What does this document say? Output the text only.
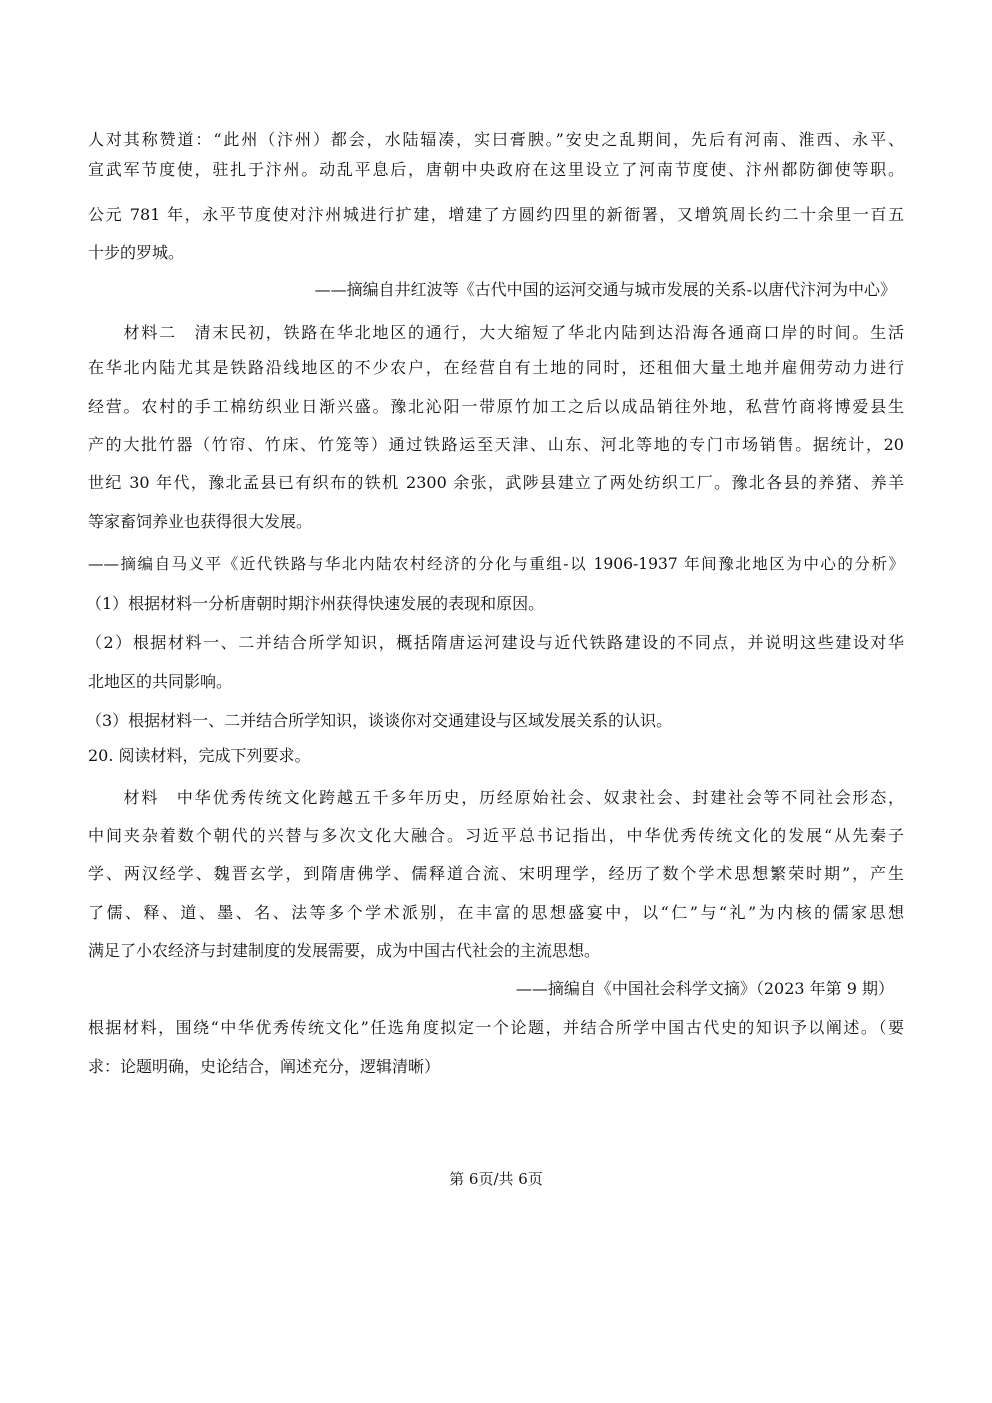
人对其称赞道：“此州（汴州）都会，水陆辐凑，实曰膏腴。”安史之乱期间，先后有河南、淮西、永平、
宣武军节度使，驻扎于汴州。动乱平息后，唐朝中央政府在这里设立了河南节度使、汴州都防御使等职。
公元 781 年，永平节度使对汴州城进行扩建，增建了方圆约四里的新衙署，又增筑周长约二十余里一百五
十步的罗城。
——摘编自井红波等《古代中国的运河交通与城市发展的关系-以唐代汴河为中心》
　　材料二　清末民初，铁路在华北地区的通行，大大缩短了华北内陆到达沿海各通商口岸的时间。生活
在华北内陆尤其是铁路沿线地区的不少农户，在经营自有土地的同时，还租佃大量土地并雇佣劳动力进行
经营。农村的手工棉纺织业日渐兴盛。豫北沁阳一带原竹加工之后以成品销往外地，私营竹商将博爱县生
产的大批竹器（竹帘、竹床、竹笼等）通过铁路运至天津、山东、河北等地的专门市场销售。据统计，20
世纪 30 年代，豫北孟县已有织布的铁机 2300 余张，武陟县建立了两处纺织工厂。豫北各县的养猪、养羊
等家畜饲养业也获得很大发展。
——摘编自马义平《近代铁路与华北内陆农村经济的分化与重组-以 1906-1937 年间豫北地区为中心的分析》
（1）根据材料一分析唐朝时期汴州获得快速发展的表现和原因。
（2）根据材料一、二并结合所学知识，概括隋唐运河建设与近代铁路建设的不同点，并说明这些建设对华
北地区的共同影响。
（3）根据材料一、二并结合所学知识，谈谈你对交通建设与区域发展关系的认识。
20. 阅读材料，完成下列要求。
　　材料　中华优秀传统文化跨越五千多年历史，历经原始社会、奴隶社会、封建社会等不同社会形态，
中间夹杂着数个朝代的兴替与多次文化大融合。习近平总书记指出，中华优秀传统文化的发展“从先秦子
学、两汉经学、魏晋玄学，到隋唐佛学、儒释道合流、宋明理学，经历了数个学术思想繁荣时期”，产生
了儒、释、道、墨、名、法等多个学术派别，在丰富的思想盛宴中，以“仁”与“礼”为内核的儒家思想
满足了小农经济与封建制度的发展需要，成为中国古代社会的主流思想。
——摘编自《中国社会科学文摘》（2023 年第 9 期）
根据材料，围绕“中华优秀传统文化”任选角度拟定一个论题，并结合所学中国古代史的知识予以阐述。（要
求：论题明确，史论结合，阐述充分，逻辑清晰）
第 6页/共 6页
